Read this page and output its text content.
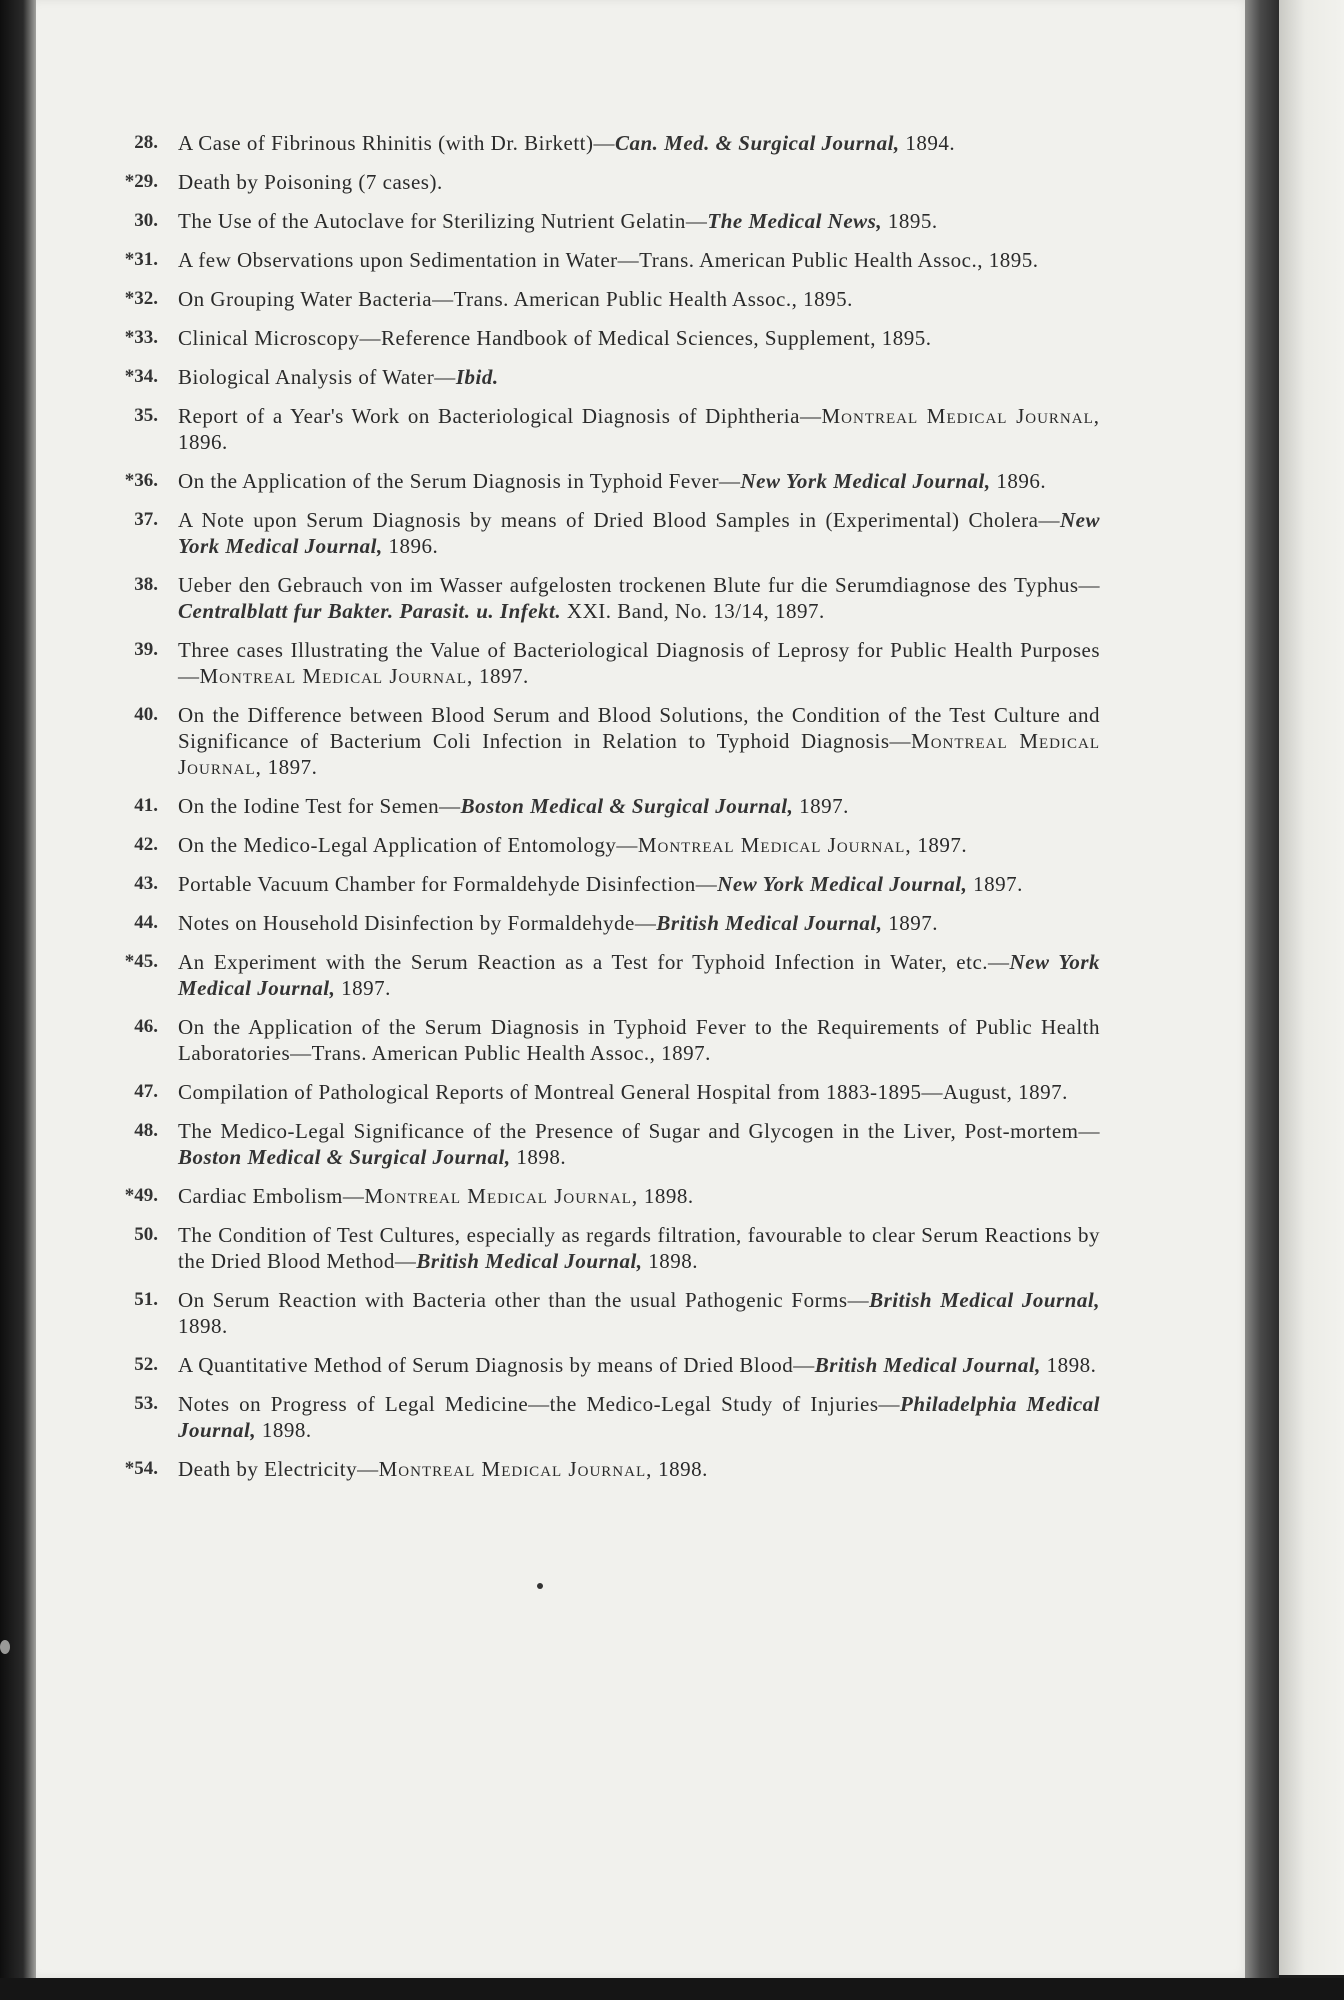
28. A Case of Fibrinous Rhinitis (with Dr. Birkett)—Can. Med. & Surgical Journal, 1894.
*29. Death by Poisoning (7 cases).
30. The Use of the Autoclave for Sterilizing Nutrient Gelatin—The Medical News, 1895.
*31. A few Observations upon Sedimentation in Water—Trans. American Public Health Assoc., 1895.
*32. On Grouping Water Bacteria—Trans. American Public Health Assoc., 1895.
*33. Clinical Microscopy—Reference Handbook of Medical Sciences, Supplement, 1895.
*34. Biological Analysis of Water—Ibid.
35. Report of a Year's Work on Bacteriological Diagnosis of Diphtheria—Montreal Medical Journal, 1896.
*36. On the Application of the Serum Diagnosis in Typhoid Fever—New York Medical Journal, 1896.
37. A Note upon Serum Diagnosis by means of Dried Blood Samples in (Experimental) Cholera—New York Medical Journal, 1896.
38. Ueber den Gebrauch von im Wasser aufgelosten trockenen Blute fur die Serumdiagnose des Typhus—Centralblatt fur Bakter. Parasit. u. Infekt. XXI. Band, No. 13/14, 1897.
39. Three cases Illustrating the Value of Bacteriological Diagnosis of Leprosy for Public Health Purposes—Montreal Medical Journal, 1897.
40. On the Difference between Blood Serum and Blood Solutions, the Condition of the Test Culture and Significance of Bacterium Coli Infection in Relation to Typhoid Diagnosis—Montreal Medical Journal, 1897.
41. On the Iodine Test for Semen—Boston Medical & Surgical Journal, 1897.
42. On the Medico-Legal Application of Entomology—Montreal Medical Journal, 1897.
43. Portable Vacuum Chamber for Formaldehyde Disinfection—New York Medical Journal, 1897.
44. Notes on Household Disinfection by Formaldehyde—British Medical Journal, 1897.
*45. An Experiment with the Serum Reaction as a Test for Typhoid Infection in Water, etc.—New York Medical Journal, 1897.
46. On the Application of the Serum Diagnosis in Typhoid Fever to the Requirements of Public Health Laboratories—Trans. American Public Health Assoc., 1897.
47. Compilation of Pathological Reports of Montreal General Hospital from 1883-1895—August, 1897.
48. The Medico-Legal Significance of the Presence of Sugar and Glycogen in the Liver, Post-mortem—Boston Medical & Surgical Journal, 1898.
*49. Cardiac Embolism—Montreal Medical Journal, 1898.
50. The Condition of Test Cultures, especially as regards filtration, favourable to clear Serum Reactions by the Dried Blood Method—British Medical Journal, 1898.
51. On Serum Reaction with Bacteria other than the usual Pathogenic Forms—British Medical Journal, 1898.
52. A Quantitative Method of Serum Diagnosis by means of Dried Blood—British Medical Journal, 1898.
53. Notes on Progress of Legal Medicine—the Medico-Legal Study of Injuries—Philadelphia Medical Journal, 1898.
*54. Death by Electricity—Montreal Medical Journal, 1898.
